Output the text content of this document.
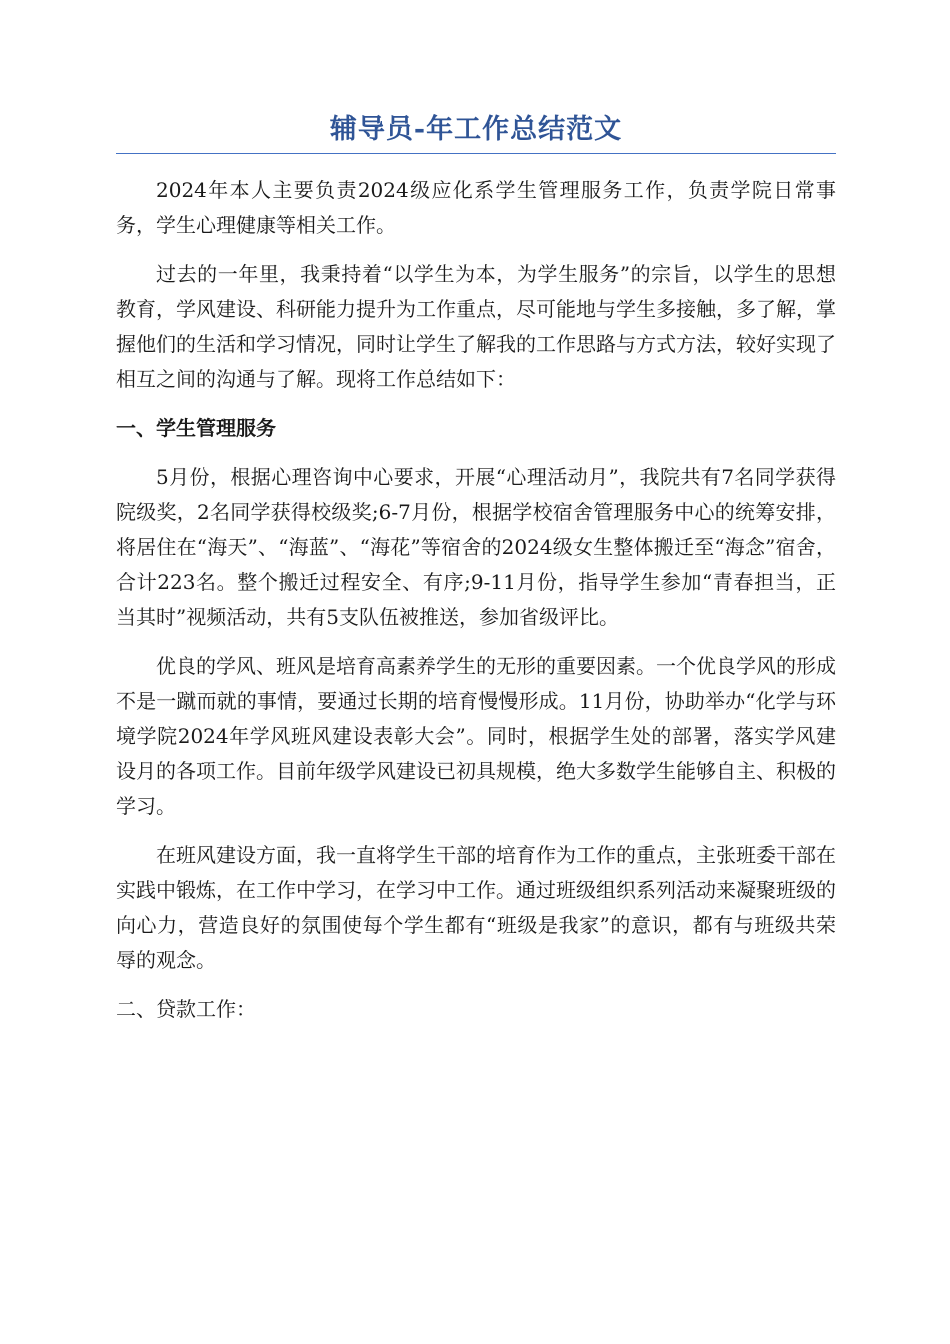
辅导员-年工作总结范文

2024年本人主要负责2024级应化系学生管理服务工作，负责学院日常事务，学生心理健康等相关工作。

过去的一年里，我秉持着“以学生为本，为学生服务”的宗旨，以学生的思想教育，学风建设、科研能力提升为工作重点，尽可能地与学生多接触，多了解，掌握他们的生活和学习情况，同时让学生了解我的工作思路与方式方法，较好实现了相互之间的沟通与了解。现将工作总结如下：

一、学生管理服务

5月份，根据心理咨询中心要求，开展“心理活动月”，我院共有7名同学获得院级奖，2名同学获得校级奖;6-7月份，根据学校宿舍管理服务中心的统筹安排，将居住在“海天”、“海蓝”、“海花”等宿舍的2024级女生整体搬迁至“海念”宿舍，合计223名。整个搬迁过程安全、有序;9-11月份，指导学生参加“青春担当，正当其时”视频活动，共有5支队伍被推送，参加省级评比。

优良的学风、班风是培育高素养学生的无形的重要因素。一个优良学风的形成不是一蹴而就的事情，要通过长期的培育慢慢形成。11月份，协助举办“化学与环境学院2024年学风班风建设表彰大会”。同时，根据学生处的部署，落实学风建设月的各项工作。目前年级学风建设已初具规模，绝大多数学生能够自主、积极的学习。

在班风建设方面，我一直将学生干部的培育作为工作的重点，主张班委干部在实践中锻炼，在工作中学习，在学习中工作。通过班级组织系列活动来凝聚班级的向心力，营造良好的氛围使每个学生都有“班级是我家”的意识，都有与班级共荣辱的观念。

二、贷款工作：
